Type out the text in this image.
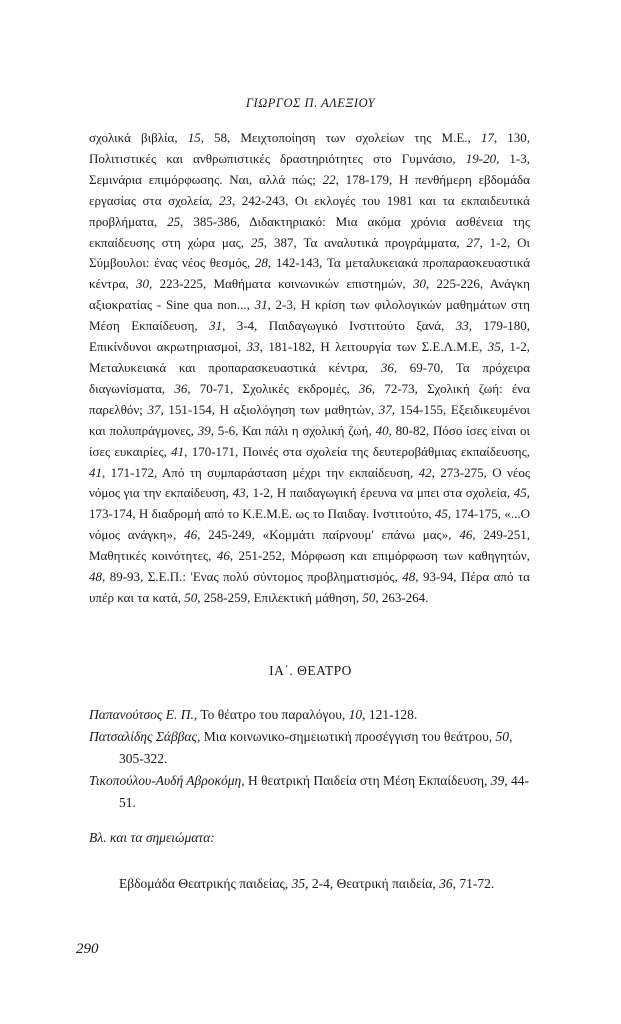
ΓΙΩΡΓΟΣ Π. ΑΛΕΞΙΟΥ

σχολικά βιβλία, 15, 58, Μειχτοποίηση των σχολείων της Μ.Ε., 17, 130, Πολιτιστικές και ανθρωπιστικές δραστηριότητες στο Γυμνάσιο, 19-20, 1-3, Σεμινάρια επιμόρφωσης. Ναι, αλλά πώς; 22, 178-179, Η πενθήμερη εβδομάδα εργασίας στα σχολεία, 23, 242-243, Οι εκλογές του 1981 και τα εκπαιδευτικά προβλήματα, 25, 385-386, Διδακτηριακό: Μια ακόμα χρόνια ασθένεια της εκπαίδευσης στη χώρα μας, 25, 387, Τα αναλυτικά προγράμματα, 27, 1-2, Οι Σύμβουλοι: ένας νέος θεσμός, 28, 142-143, Τα μεταλυκειακά προπαρασκευαστικά κέντρα, 30, 223-225, Μαθήματα κοινωνικών επιστημών, 30, 225-226, Ανάγκη αξιοκρατίας - Sine qua non..., 31, 2-3, Η κρίση των φιλολογικών μαθημάτων στη Μέση Εκπαίδευση, 31, 3-4, Παιδαγωγικό Ινστιτούτο ξανά, 33, 179-180, Επικίνδυνοι ακρωτηριασμοί, 33, 181-182, Η λειτουργία των Σ.Ε.Λ.Μ.Ε, 35, 1-2, Μεταλυκειακά και προπαρασκευαστικά κέντρα, 36, 69-70, Τα πρόχειρα διαγωνίσματα, 36, 70-71, Σχολικές εκδρομές, 36, 72-73, Σχολική ζωή: ένα παρελθόν; 37, 151-154, Η αξιολόγηση των μαθητών, 37, 154-155, Εξειδικευμένοι και πολυπράγμονες, 39, 5-6, Και πάλι η σχολική ζωή, 40, 80-82, Πόσο ίσες είναι οι ίσες ευκαιρίες, 41, 170-171, Ποινές στα σχολεία της δευτεροβάθμιας εκπαίδευσης, 41, 171-172, Από τη συμπαράσταση μέχρι την εκπαίδευση, 42, 273-275, Ο νέος νόμος για την εκπαίδευση, 43, 1-2, Η παιδαγωγική έρευνα να μπει στα σχολεία, 45, 173-174, Η διαδρομή από το Κ.Ε.Μ.Ε. ως το Παιδαγ. Ινστιτούτο, 45, 174-175, «...Ο νόμος ανάγκη», 46, 245-249, «Κομμάτι παίρνουμ' επάνω μας», 46, 249-251, Μαθητικές κοινότητες, 46, 251-252, Μόρφωση και επιμόρφωση των καθηγητών, 48, 89-93, Σ.Ε.Π.: 'Ενας πολύ σύντομος προβληματισμός, 48, 93-94, Πέρα από τα υπέρ και τα κατά, 50, 258-259, Επιλεκτική μάθηση, 50, 263-264.

ΙΑ΄. ΘΕΑΤΡΟ

Παπανούτσος Ε. Π., Το θέατρο του παραλόγου, 10, 121-128.

Πατσαλίδης Σάββας, Μια κοινωνικο-σημειωτική προσέγγιση του θεάτρου, 50, 305-322.

Τικοπούλου-Αυδή Αβροκόμη, Η θεατρική Παιδεία στη Μέση Εκπαίδευση, 39, 44-51.

Βλ. και τα σημειώματα:
Εβδομάδα Θεατρικής παιδείας, 35, 2-4, Θεατρική παιδεία, 36, 71-72.
290
